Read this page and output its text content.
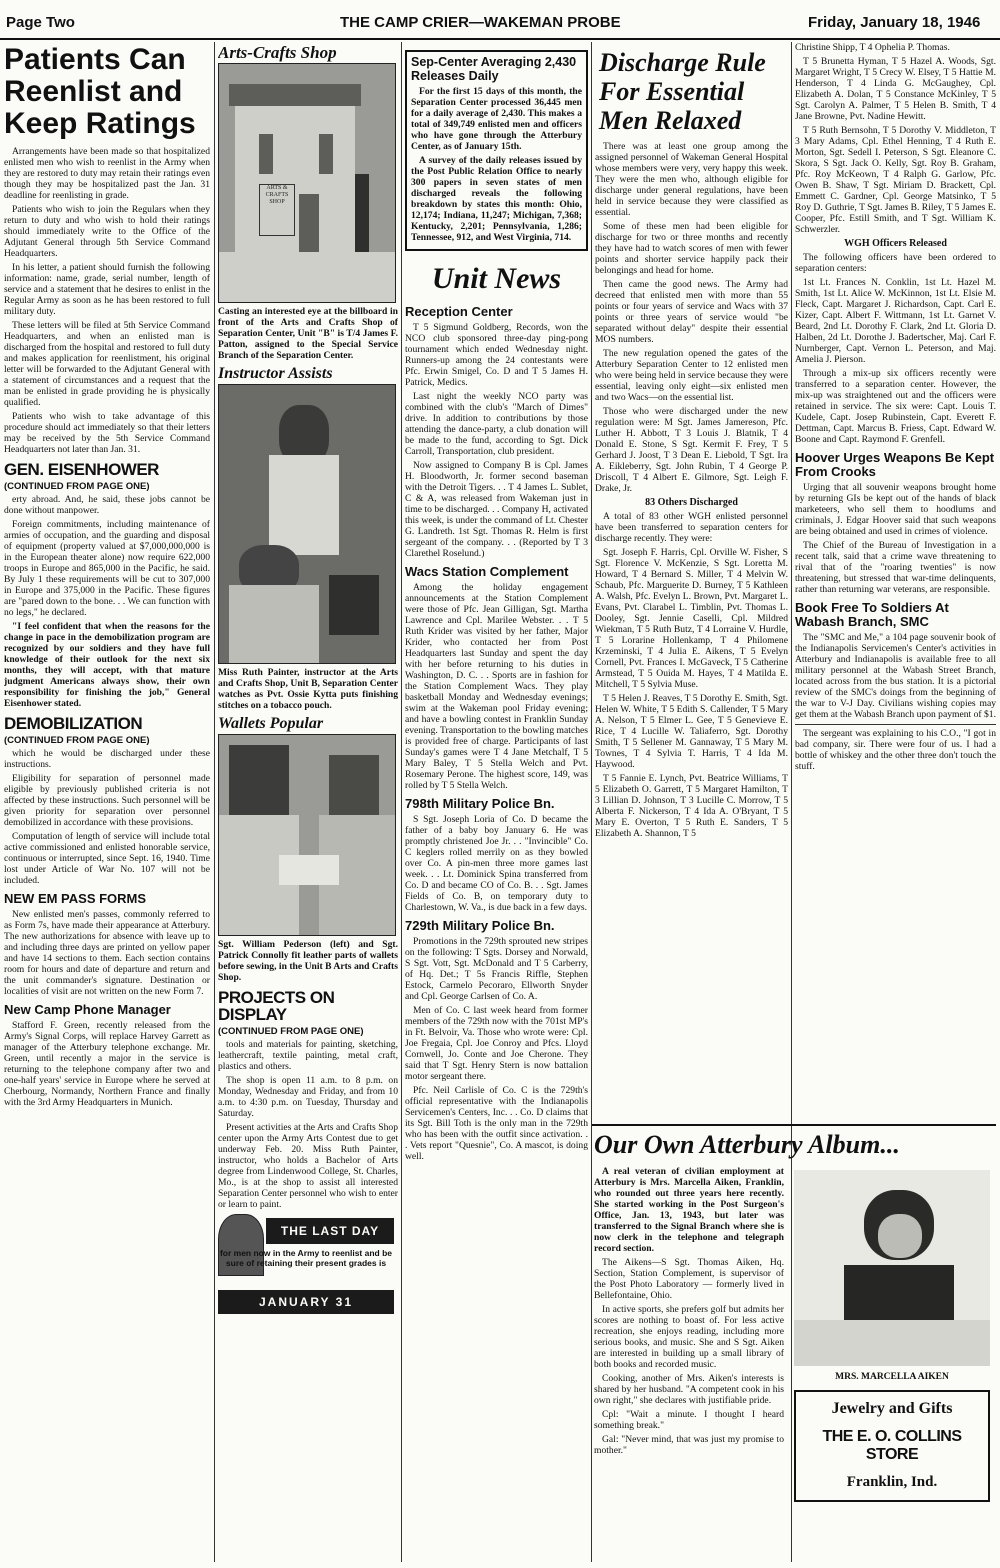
Page Two	THE CAMP CRIER—WAKEMAN PROBE	Friday, January 18, 1946
Patients Can Reenlist and Keep Ratings

Arrangements have been made so that hospitalized enlisted men who wish to reenlist in the Army when they are restored to duty may retain their ratings even though they may be hospitalized past the Jan. 31 deadline for reenlisting in grade.

Patients who wish to join the Regulars when they return to duty and who wish to hold their ratings should immediately write to the Office of the Adjutant General through 5th Service Command Headquarters.

In his letter, a patient should furnish the following information: name, grade, serial number, length of service and a statement that he desires to enlist in the Regular Army as soon as he has been restored to full military duty.

These letters will be filed at 5th Service Command Headquarters, and when an enlisted man is discharged from the hospital and restored to full duty and makes application for reenlistment, his original letter will be forwarded to the Adjutant General with a statement of circumstances and a request that the man be enlisted in grade providing he is physically qualified.

Patients who wish to take advantage of this procedure should act immediately so that their letters may be received by the 5th Service Command Headquarters not later than Jan. 31.

GEN. EISENHOWER
(CONTINUED FROM PAGE ONE)

erty abroad. And, he said, these jobs cannot be done without manpower.

Foreign commitments, including maintenance of armies of occupation, and the guarding and disposal of equipment (property valued at $7,000,000,000 is in the European theater alone) now require 622,000 troops in Europe and 865,000 in the Pacific, he said. By July 1 these requirements will be cut to 307,000 in Europe and 375,000 in the Pacific. These figures are "pared down to the bone. . . We can function with no legs," he declared.

"I feel confident that when the reasons for the change in pace in the demobilization program are recognized by our soldiers and they have full knowledge of their outlook for the next six months, they will accept, with that mature judgment Americans always show, their own responsibility for finishing the job," General Eisenhower stated.

DEMOBILIZATION
(CONTINUED FROM PAGE ONE)

which he would be discharged under these instructions.

Eligibility for separation of personnel made eligible by previously published criteria is not affected by these instructions. Such personnel will be given priority for separation over personnel demobilized in accordance with these provisions.

Computation of length of service will include total active commissioned and enlisted honorable service, continuous or interrupted, since Sept. 16, 1940. Time lost under Article of War No. 107 will not be included.

NEW EM PASS FORMS

New enlisted men's passes, commonly referred to as Form 7s, have made their appearance at Atterbury. The new authorizations for absence with leave up to and including three days are printed on yellow paper and have 14 sections to them. Each section contains room for hours and date of departure and return and the unit commander's signature. Destination or localities of visit are not written on the new Form 7.

New Camp Phone Manager

Stafford F. Green, recently released from the Army's Signal Corps, will replace Harvey Garrett as manager of the Atterbury telephone exchange. Mr. Green, until recently a major in the service is returning to the telephone company after two and one-half years' service in Europe where he served at Cherbourg, Normandy, Northern France and finally with the 3rd Army Headquarters in Munich.

Arts-Crafts Shop
ARTS & CRAFTS SHOP
Casting an interested eye at the billboard in front of the Arts and Crafts Shop of Separation Center, Unit "B" is T/4 James F. Patton, assigned to the Special Service Branch of the Separation Center.
Instructor Assists
Miss Ruth Painter, instructor at the Arts and Crafts Shop, Unit B, Separation Center watches as Pvt. Ossie Kytta puts finishing stitches on a tobacco pouch.
Wallets Popular
Sgt. William Pederson (left) and Sgt. Patrick Connolly fit leather parts of wallets before sewing, in the Unit B Arts and Crafts Shop.
PROJECTS ON DISPLAY
(CONTINUED FROM PAGE ONE)

tools and materials for painting, sketching, leathercraft, textile painting, metal craft, plastics and others.

The shop is open 11 a.m. to 8 p.m. on Monday, Wednesday and Friday, and from 10 a.m. to 4:30 p.m. on Tuesday, Thursday and Saturday.

Present activities at the Arts and Crafts Shop center upon the Army Arts Contest due to get underway Feb. 20. Miss Ruth Painter, instructor, who holds a Bachelor of Arts degree from Lindenwood College, St. Charles, Mo., is at the shop to assist all interested Separation Center personnel who wish to enter or learn to paint.

THE LAST DAY
for men now in the Army to reenlist and be sure of retaining their present grades is
JANUARY 31
Sep-Center Averaging 2,430 Releases Daily

For the first 15 days of this month, the Separation Center processed 36,445 men for a daily average of 2,430. This makes a total of 349,749 enlisted men and officers who have gone through the Atterbury Center, as of January 15th.

A survey of the daily releases issued by the Post Public Relation Office to nearly 300 papers in seven states of men discharged reveals the following breakdown by states this month: Ohio, 12,174; Indiana, 11,247; Michigan, 7,368; Kentucky, 2,201; Pennsylvania, 1,286; Tennessee, 912, and West Virginia, 714.

Unit News
Reception Center

T 5 Sigmund Goldberg, Records, won the NCO club sponsored three-day ping-pong tournament which ended Wednesday night. Runners-up among the 24 contestants were Pfc. Erwin Smigel, Co. D and T 5 James H. Patrick, Medics.

Last night the weekly NCO party was combined with the club's "March of Dimes" drive. In addition to contributions by those attending the dance-party, a club donation will be made to the fund, according to Sgt. Dick Carroll, Transportation, club president.

Now assigned to Company B is Cpl. James H. Bloodworth, Jr. former second baseman with the Detroit Tigers. . . T 4 James L. Sublet, C & A, was released from Wakeman just in time to be discharged. . . Company H, activated this week, is under the command of Lt. Chester G. Landreth. 1st Sgt. Thomas R. Helm is first sergeant of the company. . . (Reported by T 3 Clarethel Roselund.)

Wacs Station Complement

Among the holiday engagement announcements at the Station Complement were those of Pfc. Jean Gilligan, Sgt. Martha Lawrence and Cpl. Marilee Webster. . . T 5 Ruth Krider was visited by her father, Major Krider, who contacted her from Post Headquarters last Sunday and spent the day with her before returning to his duties in Washington, D. C. . . Sports are in fashion for the Station Complement Wacs. They play basketball Monday and Wednesday evenings; swim at the Wakeman pool Friday evening; and have a bowling contest in Franklin Sunday evening. Transportation to the bowling matches is provided free of charge. Participants of last Sunday's games were T 4 Jane Metchalf, T 5 Mary Baley, T 5 Stella Welch and Pvt. Rosemary Perone. The highest score, 149, was rolled by T 5 Stella Welch.

798th Military Police Bn.

S Sgt. Joseph Loria of Co. D became the father of a baby boy January 6. He was promptly christened Joe Jr. . . "Invincible" Co. C keglers rolled merrily on as they bowled over Co. A pin-men three more games last week. . . Lt. Dominick Spina transferred from Co. D and became CO of Co. B. . . Sgt. James Fields of Co. B, on temporary duty to Charlestown, W. Va., is due back in a few days.

729th Military Police Bn.

Promotions in the 729th sprouted new stripes on the following: T Sgts. Dorsey and Norwald, S Sgt. Vott, Sgt. McDonald and T 5 Carberry, of Hq. Det.; T 5s Francis Riffle, Stephen Estock, Carmelo Pecoraro, Ellworth Snyder and Cpl. George Carlsen of Co. A.

Men of Co. C last week heard from former members of the 729th now with the 701st MP's in Ft. Belvoir, Va. Those who wrote were: Cpl. Joe Fregaia, Cpl. Joe Conroy and Pfcs. Lloyd Cornwell, Jo. Conte and Joe Cherone. They said that T Sgt. Henry Stern is now battalion motor sergeant there.

Pfc. Neil Carlisle of Co. C is the 729th's official representative with the Indianapolis Servicemen's Centers, Inc. . . Co. D claims that its Sgt. Bill Toth is the only man in the 729th who has been with the outfit since activation. . . Vets report "Quesnie", Co. A mascot, is doing well.

Discharge Rule For Essential Men Relaxed

There was at least one group among the assigned personnel of Wakeman General Hospital whose members were very, very happy this week. They were the men who, although eligible for discharge under general regulations, have been held in service because they were classified as essential.

Some of these men had been eligible for discharge for two or three months and recently they have had to watch scores of men with fewer points and shorter service happily pack their belongings and head for home.

Then came the good news. The Army had decreed that enlisted men with more than 55 points or four years of service and Wacs with 37 points or three years of service would "be separated without delay" despite their essential MOS numbers.

The new regulation opened the gates of the Atterbury Separation Center to 12 enlisted men who were being held in service because they were essential, leaving only eight—six enlisted men and two Wacs—on the essential list.

Those who were discharged under the new regulation were: M Sgt. James Jamereson, Pfc. Luther H. Abbott, T 3 Louis J. Blatnik, T 4 Donald E. Stone, S Sgt. Kermit F. Frey, T 5 Gerhard J. Joost, T 3 Dean E. Liebold, T Sgt. Ira A. Eikleberry, Sgt. John Rubin, T 4 George P. Driscoll, T 4 Albert E. Gilmore, Sgt. Leigh F. Drake, Jr.

83 Others Discharged

A total of 83 other WGH enlisted personnel have been transferred to separation centers for discharge recently. They were:

Sgt. Joseph F. Harris, Cpl. Orville W. Fisher, S Sgt. Florence V. McKenzie, S Sgt. Loretta M. Howard, T 4 Bernard S. Miller, T 4 Melvin W. Schaub, Pfc. Marguerite D. Burney, T 5 Kathleen A. Walsh, Pfc. Evelyn L. Brown, Pvt. Margaret L. Evans, Pvt. Clarabel L. Timblin, Pvt. Thomas L. Dooley, Sgt. Jennie Caselli, Cpl. Mildred Wiekman, T 5 Ruth Butz, T 4 Lorraine V. Hurdle, T 5 Lorarine Hollenkamp, T 4 Philomene Krzeminski, T 4 Julia E. Aikens, T 5 Evelyn Cornell, Pvt. Frances I. McGaveck, T 5 Catherine Armstead, T 5 Ouida M. Hayes, T 4 Matilda E. Mitchell, T 5 Sylvia Muse.

T 5 Helen J. Reaves, T 5 Dorothy E. Smith, Sgt. Helen W. White, T 5 Edith S. Callender, T 5 Mary A. Nelson, T 5 Elmer L. Gee, T 5 Genevieve E. Rice, T 4 Lucille W. Taliaferro, Sgt. Dorothy Smith, T 5 Sellener M. Gannaway, T 5 Mary M. Townes, T 4 Sylvia T. Harris, T 4 Ida M. Haywood.

T 5 Fannie E. Lynch, Pvt. Beatrice Williams, T 5 Elizabeth O. Garrett, T 5 Margaret Hamilton, T 3 Lillian D. Johnson, T 3 Lucille C. Morrow, T 5 Alberta F. Nickerson, T 4 Ida A. O'Bryant, T 5 Mary E. Overton, T 5 Ruth E. Sanders, T 5 Elizabeth A. Shannon, T 5

Christine Shipp, T 4 Ophelia P. Thomas.

T 5 Brunetta Hyman, T 5 Hazel A. Woods, Sgt. Margaret Wright, T 5 Crecy W. Elsey, T 5 Hattie M. Henderson, T 4 Linda G. McGaughey, Cpl. Elizabeth A. Dolan, T 5 Constance McKinley, T 5 Sgt. Carolyn A. Palmer, T 5 Helen B. Smith, T 4 Jane Browne, Pvt. Nadine Hewitt.

T 5 Ruth Bernsohn, T 5 Dorothy V. Middleton, T 3 Mary Adams, Cpl. Ethel Henning, T 4 Ruth E. Morton, Sgt. Sedell I. Peterson, S Sgt. Eleanore C. Skora, S Sgt. Jack O. Kelly, Sgt. Roy B. Graham, Pfc. Roy McKeown, T 4 Ralph G. Garlow, Pfc. Owen B. Shaw, T Sgt. Miriam D. Brackett, Cpl. Emmett C. Gardner, Cpl. George Matsinko, T 5 Roy D. Guthrie, T Sgt. James B. Riley, T 5 James E. Cooper, Pfc. Estill Smith, and T Sgt. William K. Schwerzler.

WGH Officers Released

The following officers have been ordered to separation centers:

1st Lt. Frances N. Conklin, 1st Lt. Hazel M. Smith, 1st Lt. Alice W. McKinnon, 1st Lt. Elsie M. Fleck, Capt. Margaret J. Richardson, Capt. Carl E. Kizer, Capt. Albert F. Wittmann, 1st Lt. Garnet V. Beard, 2nd Lt. Dorothy F. Clark, 2nd Lt. Gloria D. Halben, 2d Lt. Dorothe J. Badertscher, Maj. Carl F. Nurnberger, Capt. Vernon L. Peterson, and Maj. Amelia J. Pierson.

Through a mix-up six officers recently were transferred to a separation center. However, the mix-up was straightened out and the officers were retained in service. The six were: Capt. Louis T. Kudele, Capt. Josep Rubinstein, Capt. Everett F. Dettman, Capt. Marcus B. Friess, Capt. Edward W. Boone and Capt. Raymond F. Grenfell.

Hoover Urges Weapons Be Kept From Crooks

Urging that all souvenir weapons brought home by returning GIs be kept out of the hands of black marketeers, who sell them to hoodlums and criminals, J. Edgar Hoover said that such weapons are being obtained and used in crimes of violence.

The Chief of the Bureau of Investigation in a recent talk, said that a crime wave threatening to rival that of the "roaring twenties" is now threatening, but stressed that war-time delinquents, rather than returning war veterans, are responsible.

Book Free To Soldiers At Wabash Branch, SMC

The "SMC and Me," a 104 page souvenir book of the Indianapolis Servicemen's Center's activities in Atterbury and Indianapolis is available free to all military personnel at the Wabash Street Branch, located across from the bus station. It is a pictorial review of the SMC's doings from the beginning of the war to V-J Day. Civilians wishing copies may get them at the Wabash Branch upon payment of $1.

The sergeant was explaining to his C.O., "I got in bad company, sir. There were four of us. I had a bottle of whiskey and the other three don't touch the stuff.

Our Own Atterbury Album...

A real veteran of civilian employment at Atterbury is Mrs. Marcella Aiken, Franklin, who rounded out three years here recently. She started working in the Post Surgeon's Office, Jan. 13, 1943, but later was transferred to the Signal Branch where she is now clerk in the telephone and telegraph record section.

The Aikens—S Sgt. Thomas Aiken, Hq. Section, Station Complement, is supervisor of the Post Photo Laboratory — formerly lived in Bellefontaine, Ohio.

In active sports, she prefers golf but admits her scores are nothing to boast of. For less active recreation, she enjoys reading, including more serious books, and music. She and S Sgt. Aiken are interested in building up a small library of both books and recorded music.

Cooking, another of Mrs. Aiken's interests is shared by her husband. "A competent cook in his own right," she declares with justifiable pride.

Cpl: "Wait a minute. I thought I heard something break."

Gal: "Never mind, that was just my promise to mother."

MRS. MARCELLA AIKEN
Jewelry and Gifts
THE E. O. COLLINS STORE
Franklin, Ind.
